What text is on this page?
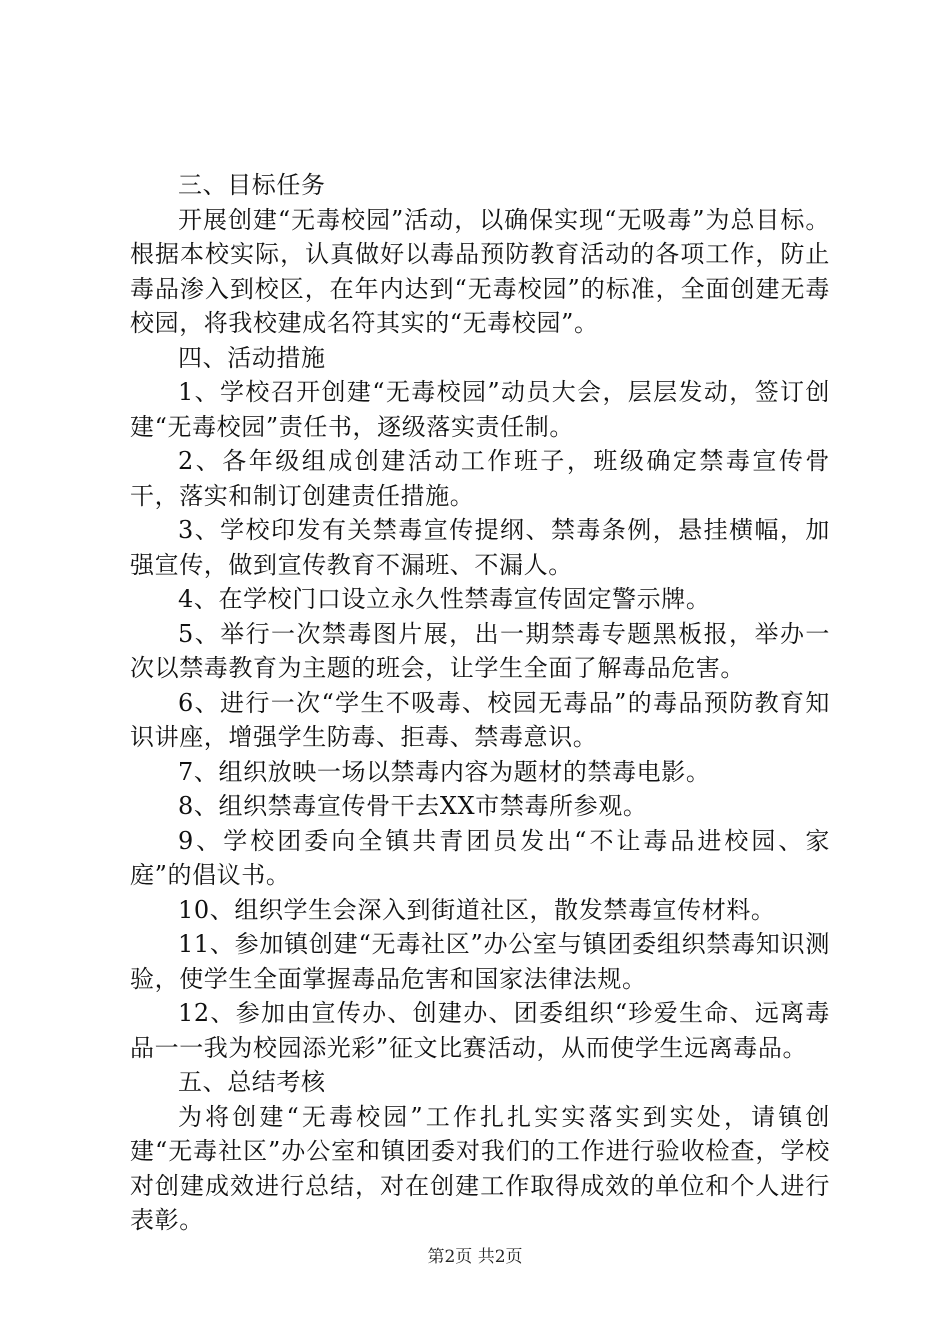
三、目标任务

开展创建“无毒校园”活动，以确保实现“无吸毒”为总目标。根据本校实际，认真做好以毒品预防教育活动的各项工作，防止毒品渗入到校区，在年内达到“无毒校园”的标准，全面创建无毒校园，将我校建成名符其实的“无毒校园”。

四、活动措施

1、学校召开创建“无毒校园”动员大会，层层发动，签订创建“无毒校园”责任书，逐级落实责任制。

2、各年级组成创建活动工作班子，班级确定禁毒宣传骨干，落实和制订创建责任措施。

3、学校印发有关禁毒宣传提纲、禁毒条例，悬挂横幅，加强宣传，做到宣传教育不漏班、不漏人。

4、在学校门口设立永久性禁毒宣传固定警示牌。

5、举行一次禁毒图片展，出一期禁毒专题黑板报，举办一次以禁毒教育为主题的班会，让学生全面了解毒品危害。

6、进行一次“学生不吸毒、校园无毒品”的毒品预防教育知识讲座，增强学生防毒、拒毒、禁毒意识。

7、组织放映一场以禁毒内容为题材的禁毒电影。

8、组织禁毒宣传骨干去XX市禁毒所参观。

9、学校团委向全镇共青团员发出“不让毒品进校园、家庭”的倡议书。

10、组织学生会深入到街道社区，散发禁毒宣传材料。

11、参加镇创建“无毒社区”办公室与镇团委组织禁毒知识测验，使学生全面掌握毒品危害和国家法律法规。

12、参加由宣传办、创建办、团委组织“珍爱生命、远离毒品一一我为校园添光彩”征文比赛活动，从而使学生远离毒品。

五、总结考核

为将创建“无毒校园”工作扎扎实实落实到实处，请镇创建“无毒社区”办公室和镇团委对我们的工作进行验收检查，学校对创建成效进行总结，对在创建工作取得成效的单位和个人进行表彰。

第2页 共2页
